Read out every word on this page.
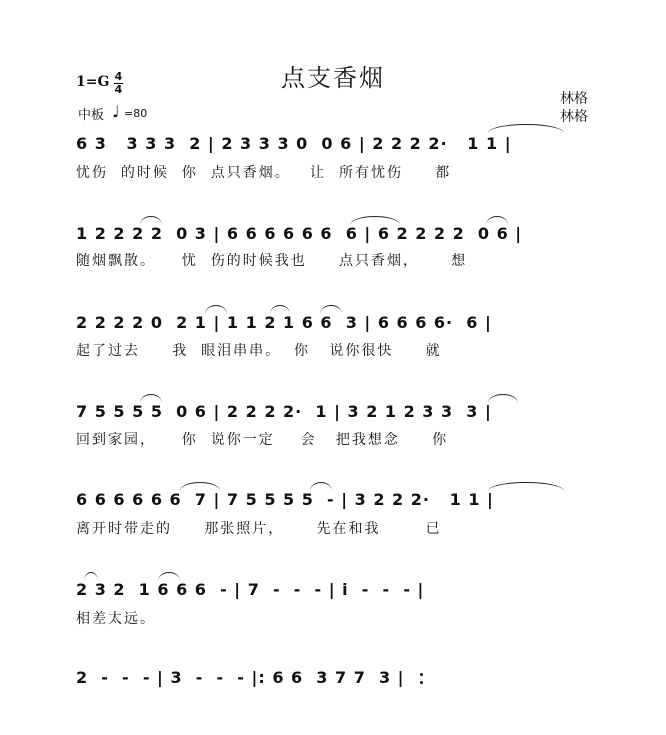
点支香烟
1=G 4
4
中板 ♩ =80
林格
林格
6 3   3 3 3  2 | 2 3 3 3 0  0 6 | 2 2 2 2·   1 1 |
忧伤  的时候  你  点只香烟。   让  所有忧伤     都
1 2 2 2 2  0 3 | 6 6 6 6 6 6  6 | 6 2 2 2 2  0 6 |
随烟飘散。    忧  伤的时候我也     点只香烟，     想
2 2 2 2 0  2 1 | 1 1 2 1 6 6  3 | 6 6 6 6·  6 |
起了过去     我  眼泪串串。  你   说你很快     就
7 5 5 5 5  0 6 | 2 2 2 2·  1 | 3 2 1 2 3 3  3 |
回到家园，    你  说你一定    会   把我想念     你
6 6 6 6 6 6  7 | 7 5 5 5 5  - | 3 2 2 2·   1 1 |
离开时带走的     那张照片，     先在和我       已
2 3 2  1 6 6 6  - | 7  -  -  - | i  -  -  - |
相差太远。
2  -  -  - | 3  -  -  - |: 6 6  3 7 7  3 |
